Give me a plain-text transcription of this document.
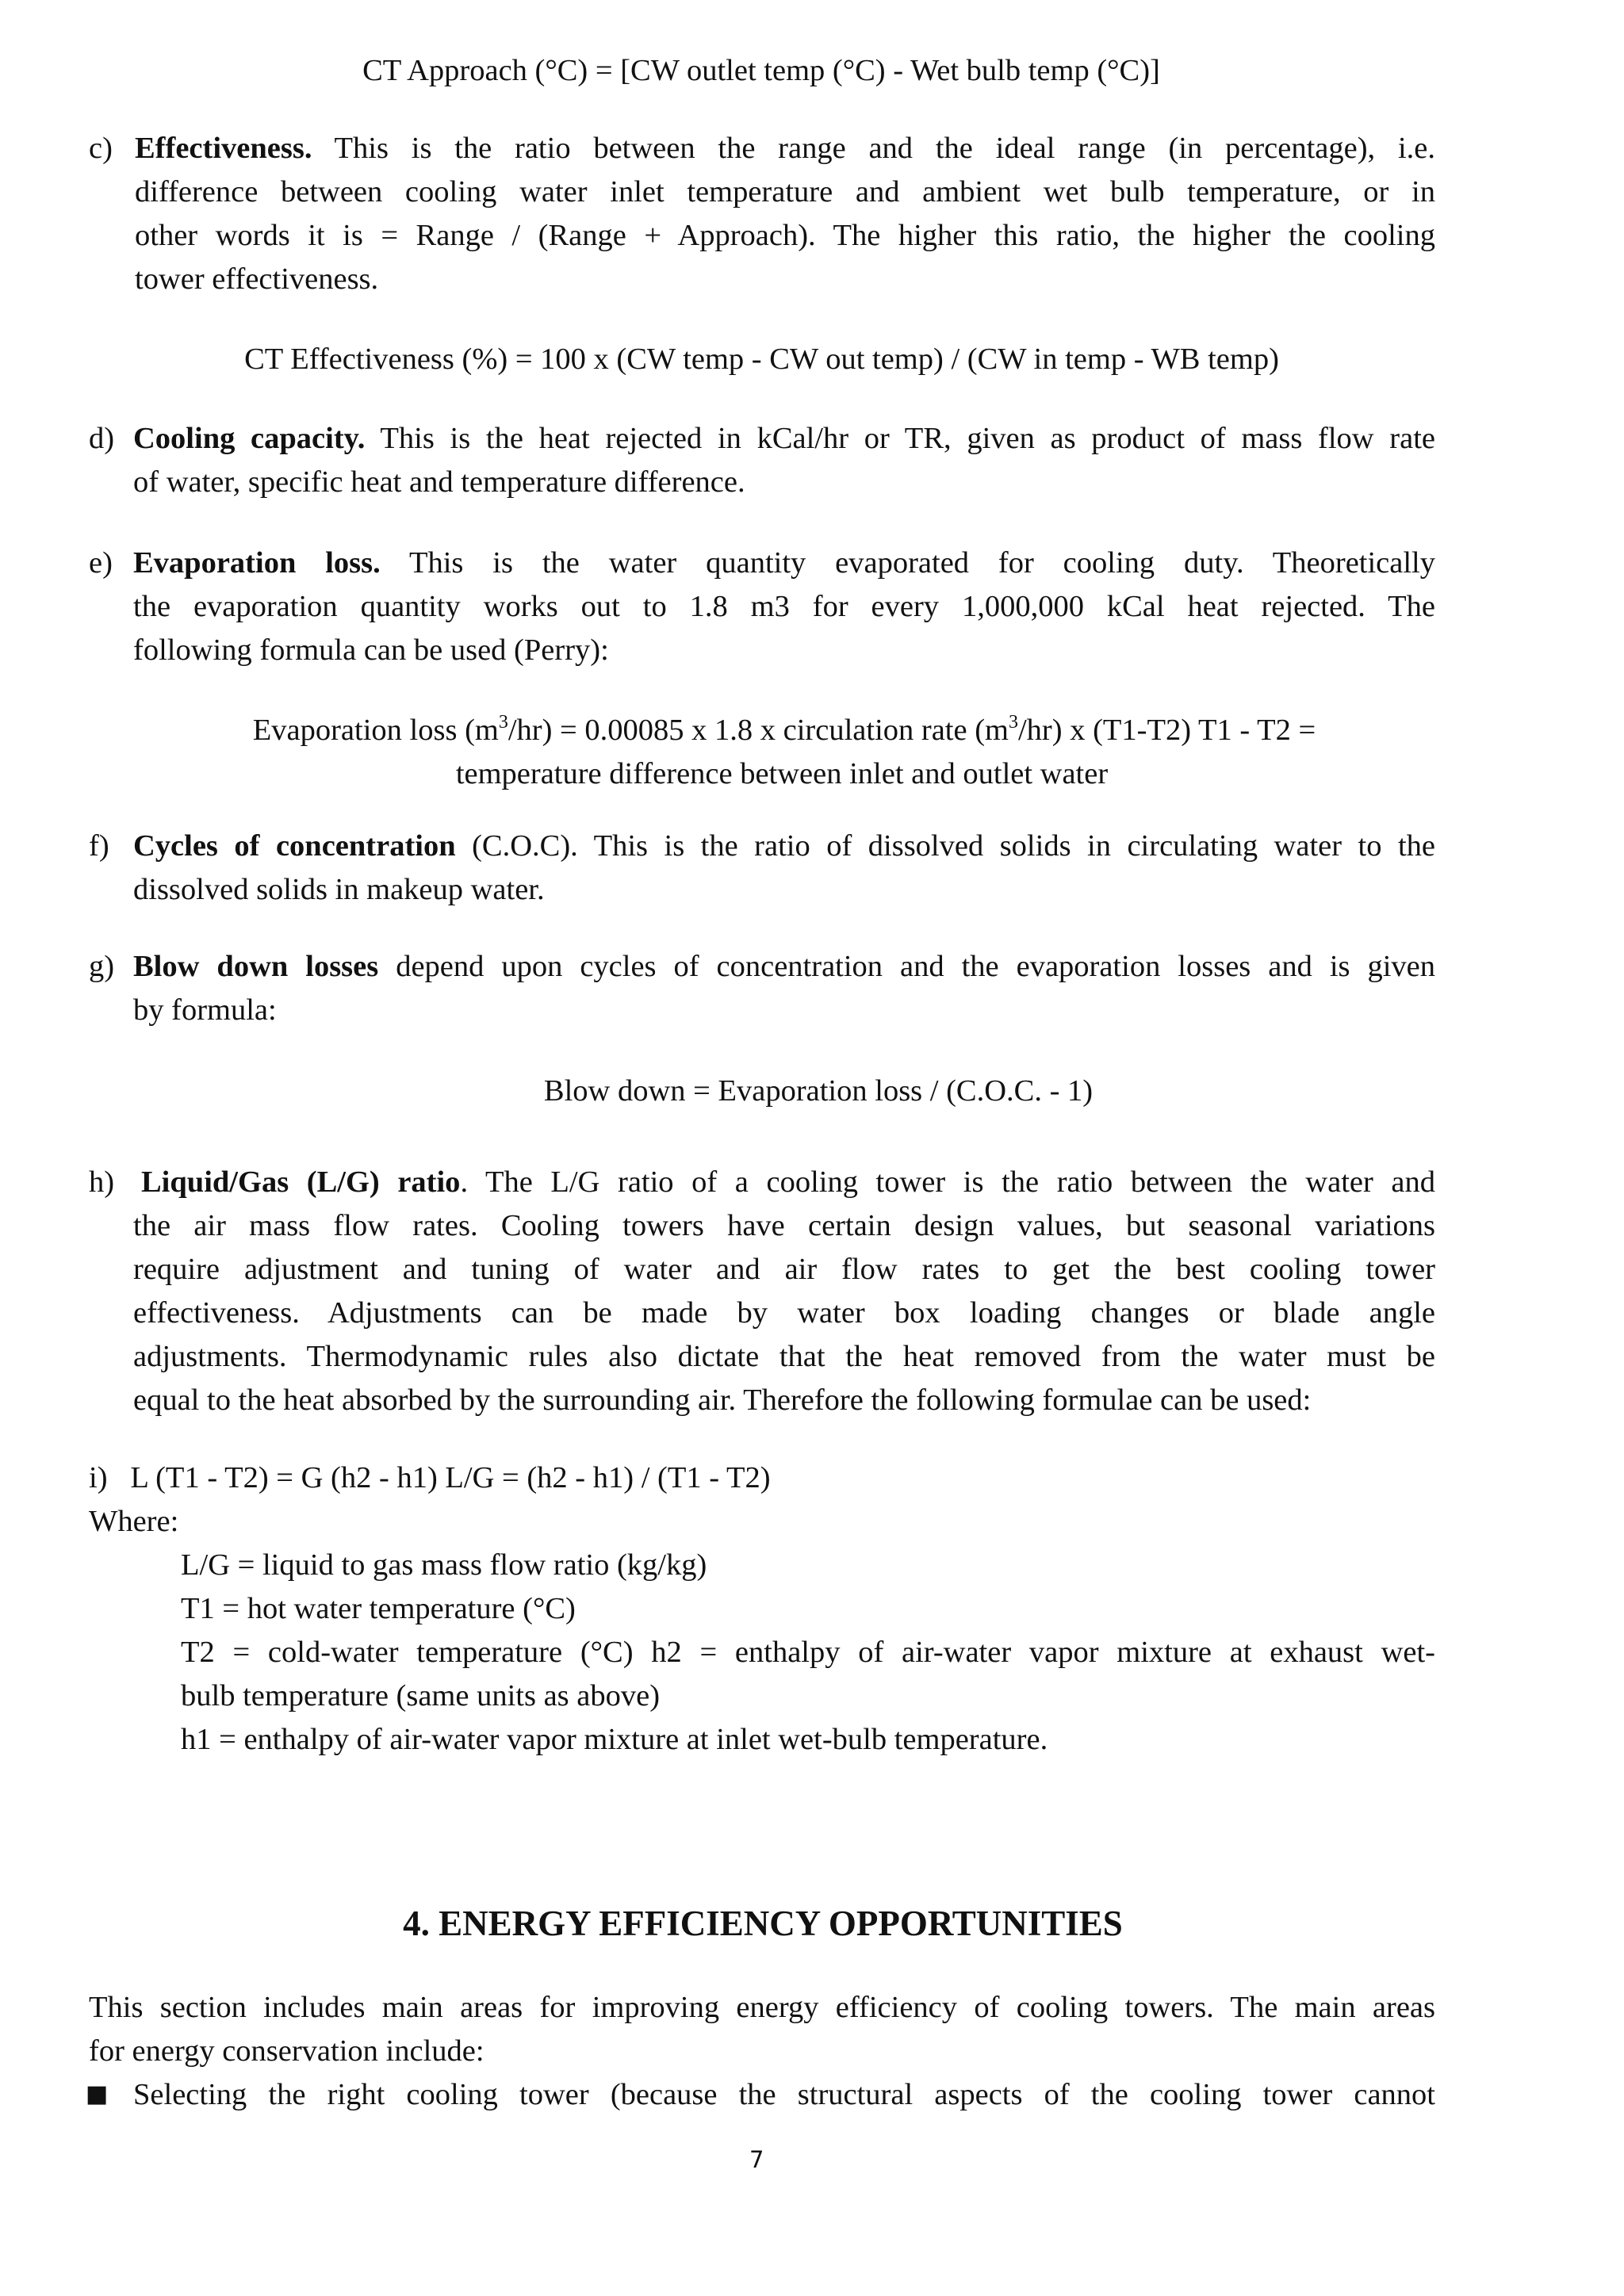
CT Approach (°C) = [CW outlet temp (°C) - Wet bulb temp (°C)]
c) Effectiveness. This is the ratio between the range and the ideal range (in percentage), i.e.
difference between cooling water inlet temperature and ambient wet bulb temperature, or in
other words it is = Range / (Range + Approach). The higher this ratio, the higher the cooling
tower effectiveness.
CT Effectiveness (%) = 100 x (CW temp - CW out temp) / (CW in temp - WB temp)
d) Cooling capacity. This is the heat rejected in kCal/hr or TR, given as product of mass flow rate
of water, specific heat and temperature difference.
e) Evaporation loss. This is the water quantity evaporated for cooling duty. Theoretically
the evaporation quantity works out to 1.8 m3 for every 1,000,000 kCal heat rejected. The
following formula can be used (Perry):
Evaporation loss $(m^3/hr) = 0.00085$ x 1.8 x circulation rate $(m^3/hr)$ x (T1-T2) T1 - T2 =
temperature difference between inlet and outlet water
f) Cycles of concentration (C.O.C). This is the ratio of dissolved solids in circulating water to the
dissolved solids in makeup water.
g) Blow down losses depend upon cycles of concentration and the evaporation losses and is given
by formula:
Blow down = Evaporation loss / (C.O.C. - 1)
h) Liquid/Gas (L/G) ratio. The L/G ratio of a cooling tower is the ratio between the water and
the air mass flow rates. Cooling towers have certain design values, but seasonal variations
require adjustment and tuning of water and air flow rates to get the best cooling tower
effectiveness. Adjustments can be made by water box loading changes or blade angle
adjustments. Thermodynamic rules also dictate that the heat removed from the water must be
equal to the heat absorbed by the surrounding air. Therefore the following formulae can be used:
i)   L (T1 - T2) = G (h2 - h1) L/G = (h2 - h1) / (T1 - T2)
Where:
L/G = liquid to gas mass flow ratio (kg/kg)
T1 = hot water temperature (°C)
T2 = cold-water temperature (°C) h2 = enthalpy of air-water vapor mixture at exhaust wet-
bulb temperature (same units as above)
h1 = enthalpy of air-water vapor mixture at inlet wet-bulb temperature.
4. ENERGY EFFICIENCY OPPORTUNITIES
This section includes main areas for improving energy efficiency of cooling towers. The main areas
for energy conservation include:
■ Selecting the right cooling tower (because the structural aspects of the cooling tower cannot
7
